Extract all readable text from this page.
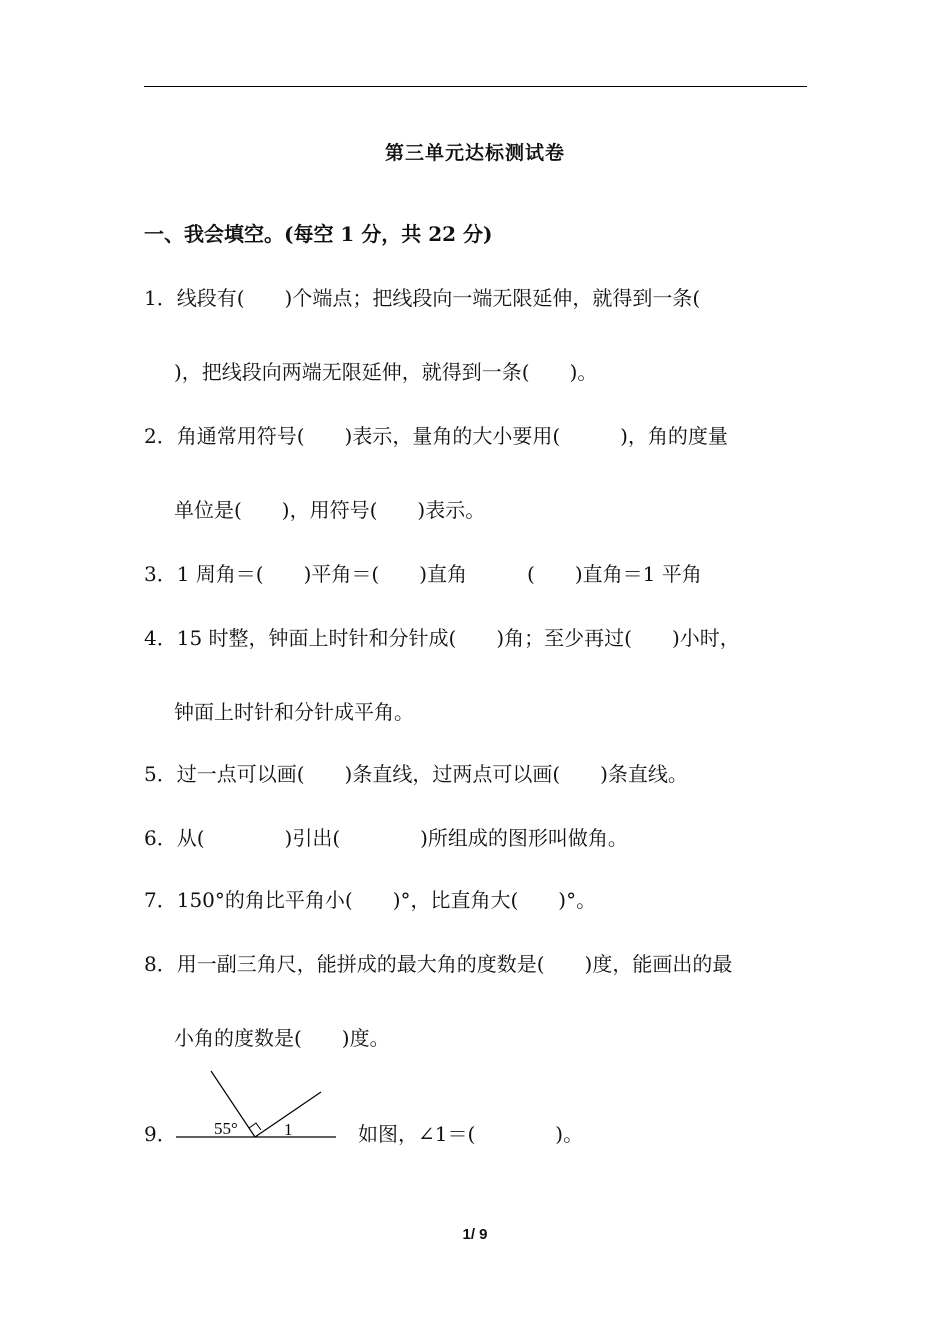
第三单元达标测试卷
一、我会填空。(每空 1 分，共 22 分)
1．线段有(　　)个端点；把线段向一端无限延伸，就得到一条(
)，把线段向两端无限延伸，就得到一条(　　)。
2．角通常用符号(　　)表示，量角的大小要用(　　　)，角的度量
单位是(　　)，用符号(　　)表示。
3．1 周角＝(　　)平角＝(　　)直角　　　(　　)直角＝1 平角
4．15 时整，钟面上时针和分针成(　　)角；至少再过(　　)小时，
钟面上时针和分针成平角。
5．过一点可以画(　　)条直线，过两点可以画(　　)条直线。
6．从(　　　　)引出(　　　　)所组成的图形叫做角。
7．150°的角比平角小(　　)°，比直角大(　　)°。
8．用一副三角尺，能拼成的最大角的度数是(　　)度，能画出的最
小角的度数是(　　)度。
9． 55°	1	如图，∠1＝(　　　　)。
1/ 9
